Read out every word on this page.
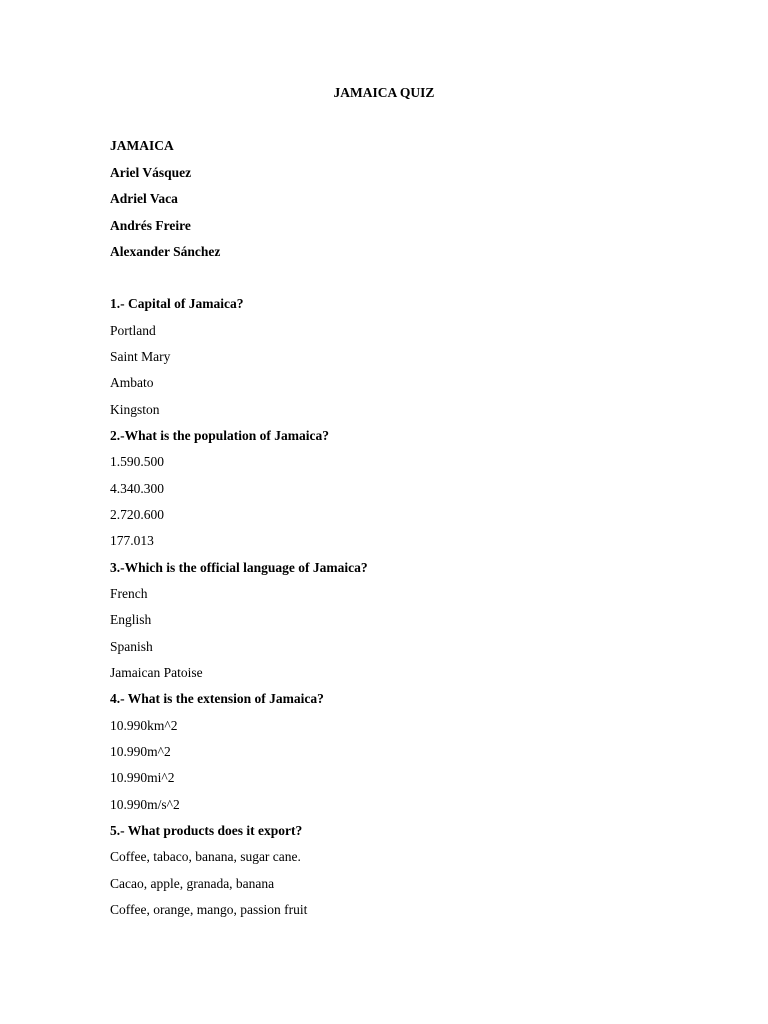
JAMAICA QUIZ
JAMAICA
Ariel Vásquez
Adriel Vaca
Andrés Freire
Alexander Sánchez
1.- Capital of Jamaica?
Portland
Saint Mary
Ambato
Kingston
2.-What is the population of Jamaica?
1.590.500
4.340.300
2.720.600
177.013
3.-Which is the official language of Jamaica?
French
English
Spanish
Jamaican Patoise
4.- What is the extension of Jamaica?
10.990km^2
10.990m^2
10.990mi^2
10.990m/s^2
5.- What products does it export?
Coffee, tabaco, banana, sugar cane.
Cacao, apple, granada, banana
Coffee, orange, mango, passion fruit
